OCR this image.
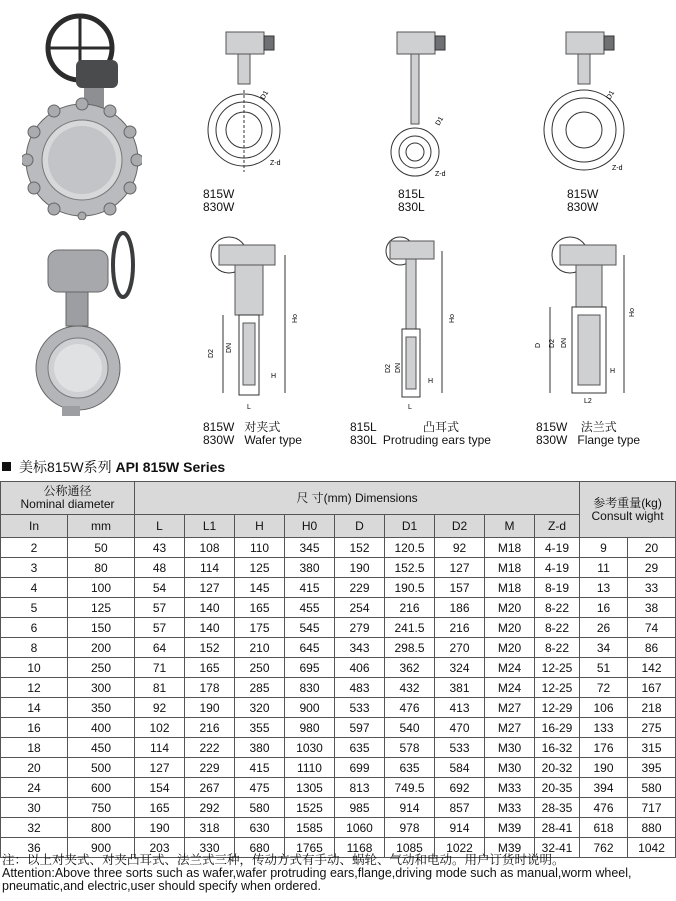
D1
Z-d
D1
Z-d
D1
Z-d
815W
830W
815L
830L
815W
830W
D2
DN
Ho
H
L
Ho
D2 DN
H
L
D D2 DN
Ho
H
L2
815W 对夹式
830W Wafer type
815L	凸耳式
830L Protruding ears type
815W 法兰式
830W Flange type
美标815W系列 API 815W Series
公称通径
Nominal diameter		尺 寸(mm) Dimensions									参考重量(kg)
Consult wight	
In	mm	L	L1	H	H0	D	D1	D2	M	Z-d		
2	50	43	108	110	345	152	120.5	92	M18	4-19	9	20
3	80	48	114	125	380	190	152.5	127	M18	4-19	11	29
4	100	54	127	145	415	229	190.5	157	M18	8-19	13	33
5	125	57	140	165	455	254	216	186	M20	8-22	16	38
6	150	57	140	175	545	279	241.5	216	M20	8-22	26	74
8	200	64	152	210	645	343	298.5	270	M20	8-22	34	86
10	250	71	165	250	695	406	362	324	M24	12-25	51	142
12	300	81	178	285	830	483	432	381	M24	12-25	72	167
14	350	92	190	320	900	533	476	413	M27	12-29	106	218
16	400	102	216	355	980	597	540	470	M27	16-29	133	275
18	450	114	222	380	1030	635	578	533	M30	16-32	176	315
20	500	127	229	415	1110	699	635	584	M30	20-32	190	395
24	600	154	267	475	1305	813	749.5	692	M33	20-35	394	580
30	750	165	292	580	1525	985	914	857	M33	28-35	476	717
32	800	190	318	630	1585	1060	978	914	M39	28-41	618	880
36	900	203	330	680	1765	1168	1085	1022	M39	32-41	762	1042
注：以上对夹式、对夹凸耳式、法兰式三种，传动方式有手动、蜗轮、气动和电动。用户订货时说明。
Attention:Above three sorts such as wafer,wafer protruding ears,flange,driving mode such as manual,worm wheel,
pneumatic,and electric,user should specify when ordered.
